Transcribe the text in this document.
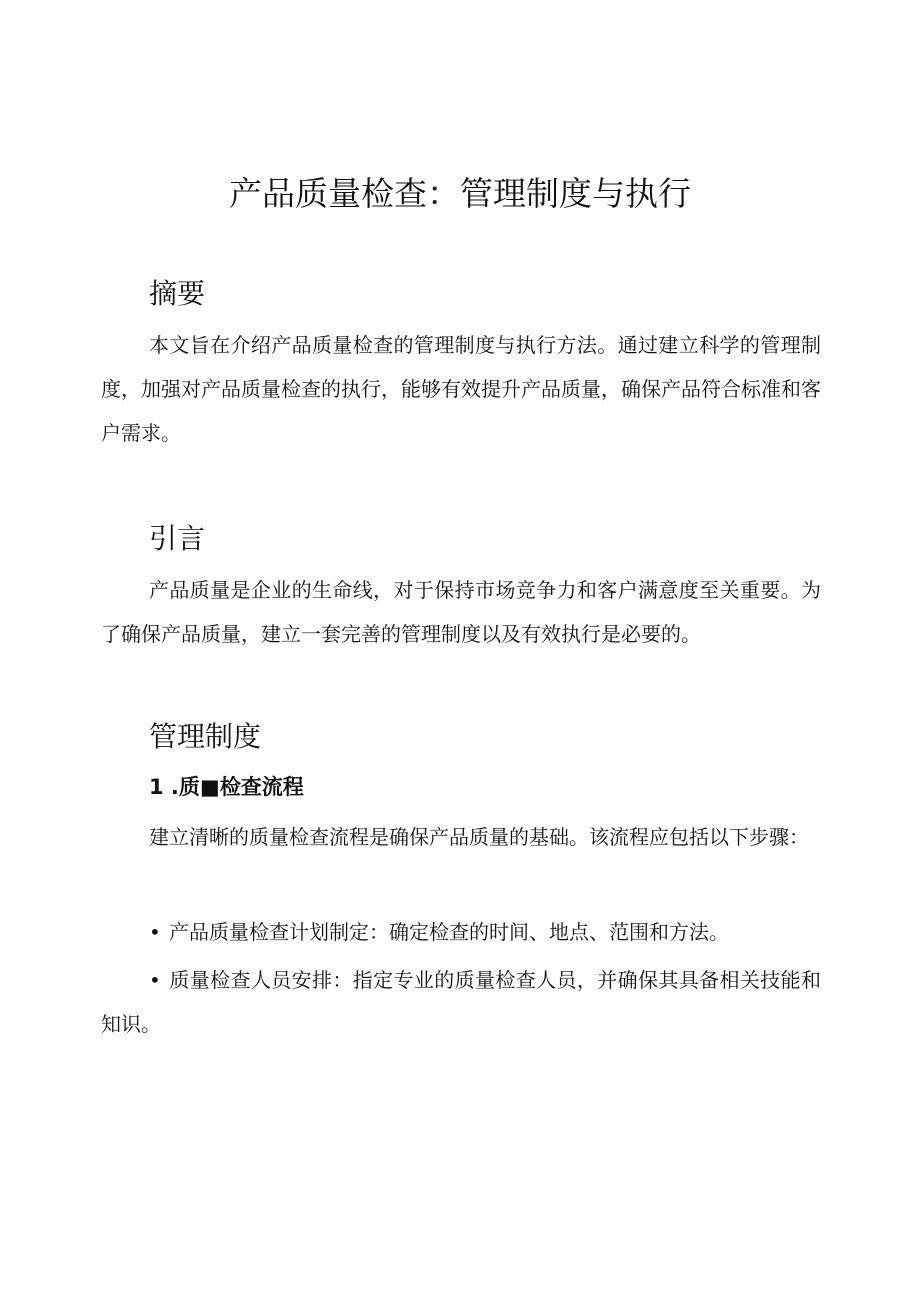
产品质量检查：管理制度与执行
摘要

本文旨在介绍产品质量检查的管理制度与执行方法。通过建立科学的管理制度，加强对产品质量检查的执行，能够有效提升产品质量，确保产品符合标准和客户需求。

引言

产品质量是企业的生命线，对于保持市场竞争力和客户满意度至关重要。为了确保产品质量，建立一套完善的管理制度以及有效执行是必要的。

管理制度
1 .质■检查流程

建立清晰的质量检查流程是确保产品质量的基础。该流程应包括以下步骤：

• 产品质量检查计划制定：确定检查的时间、地点、范围和方法。

• 质量检查人员安排：指定专业的质量检查人员，并确保其具备相关技能和知识。
